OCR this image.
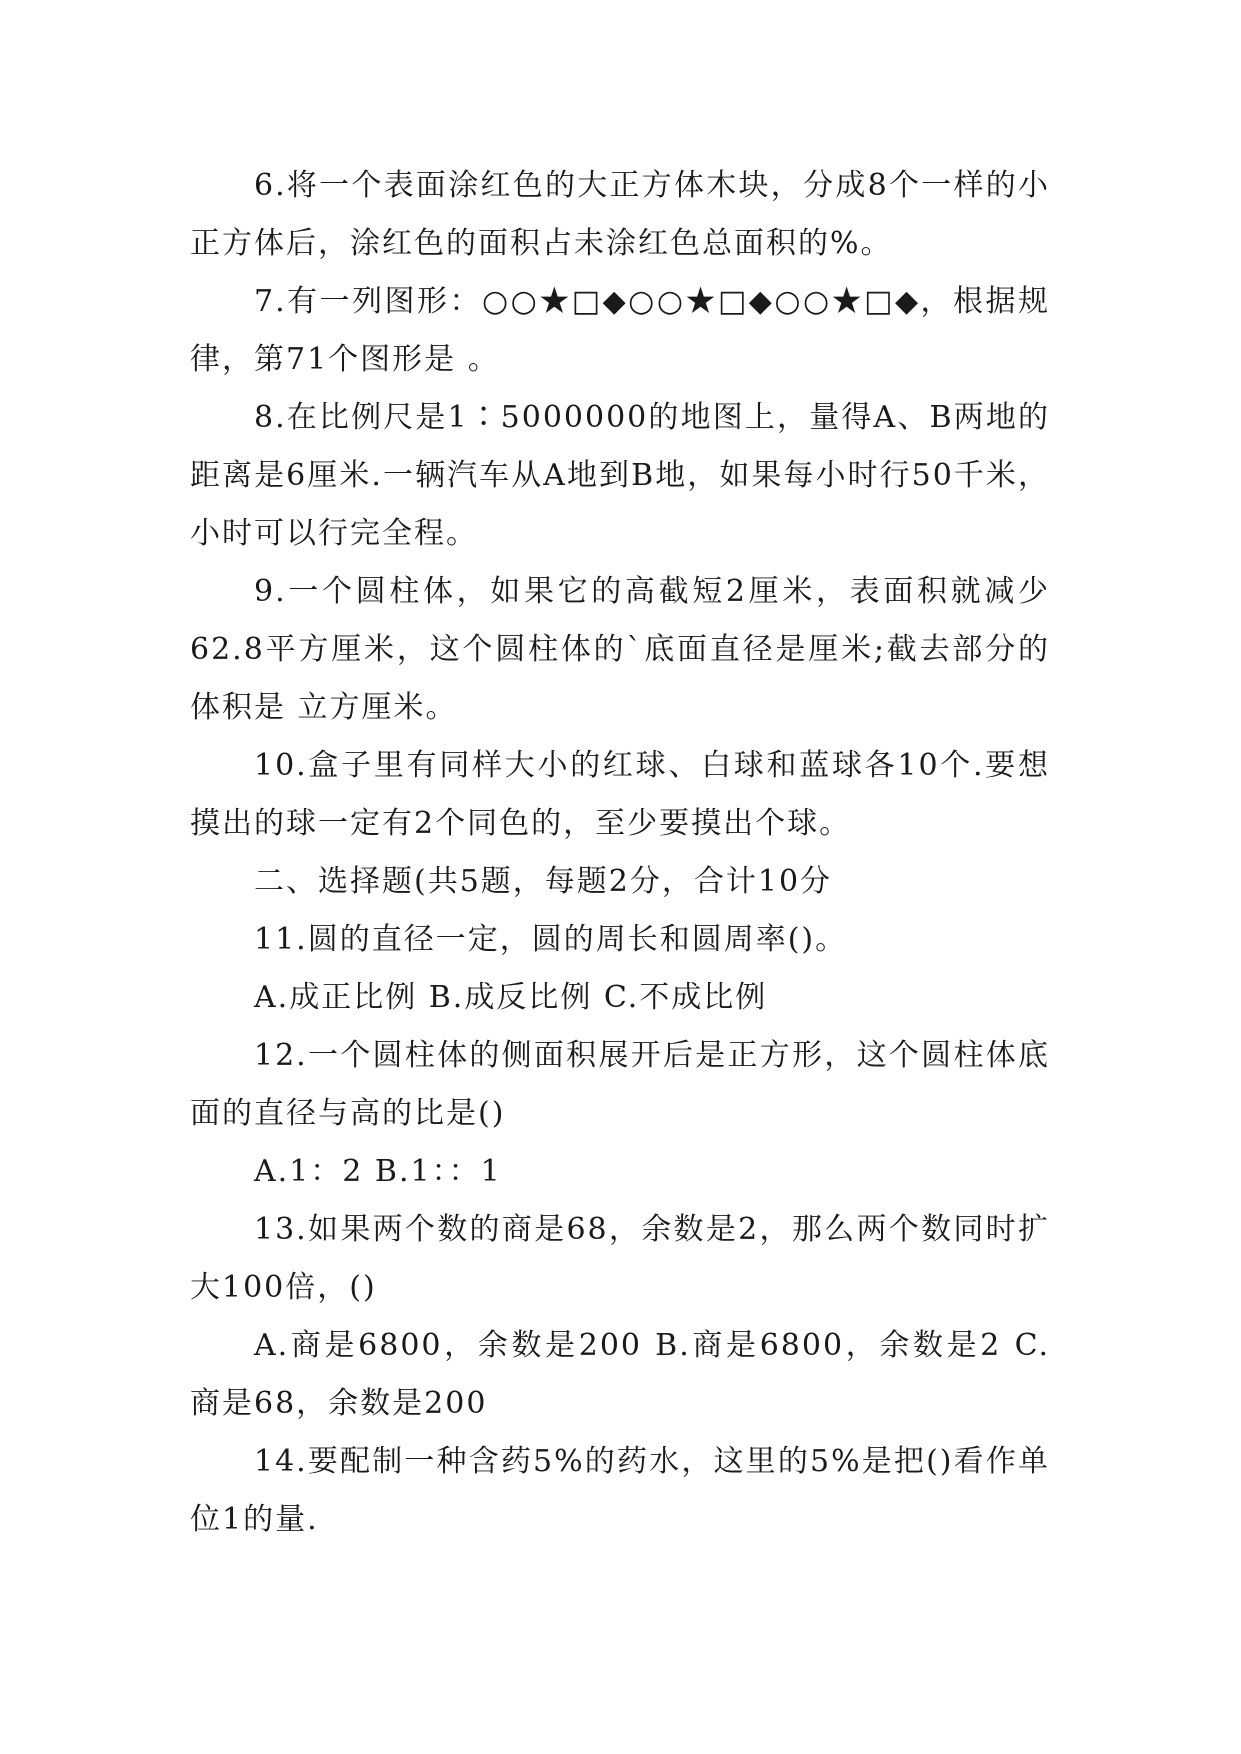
6.将一个表面涂红色的大正方体木块，分成8个一样的小正方体后，涂红色的面积占未涂红色总面积的%。

7.有一列图形：○○★□◆○○★□◆○○★□◆，根据规律，第71个图形是 。

8.在比例尺是1∶5000000的地图上，量得A、B两地的距离是6厘米.一辆汽车从A地到B地，如果每小时行50千米， 小时可以行完全程。

9.一个圆柱体，如果它的高截短2厘米，表面积就减少62.8平方厘米，这个圆柱体的`底面直径是厘米;截去部分的体积是 立方厘米。

10.盒子里有同样大小的红球、白球和蓝球各10个.要想摸出的球一定有2个同色的，至少要摸出个球。

二、选择题(共5题，每题2分，合计10分

11.圆的直径一定，圆的周长和圆周率()。

A.成正比例 B.成反比例 C.不成比例

12.一个圆柱体的侧面积展开后是正方形，这个圆柱体底面的直径与高的比是()

A.1：2 B.1：：1

13.如果两个数的商是68，余数是2，那么两个数同时扩大100倍，()

A.商是6800，余数是200 B.商是6800，余数是2 C.商是68，余数是200

14.要配制一种含药5%的药水，这里的5%是把()看作单位1的量.
